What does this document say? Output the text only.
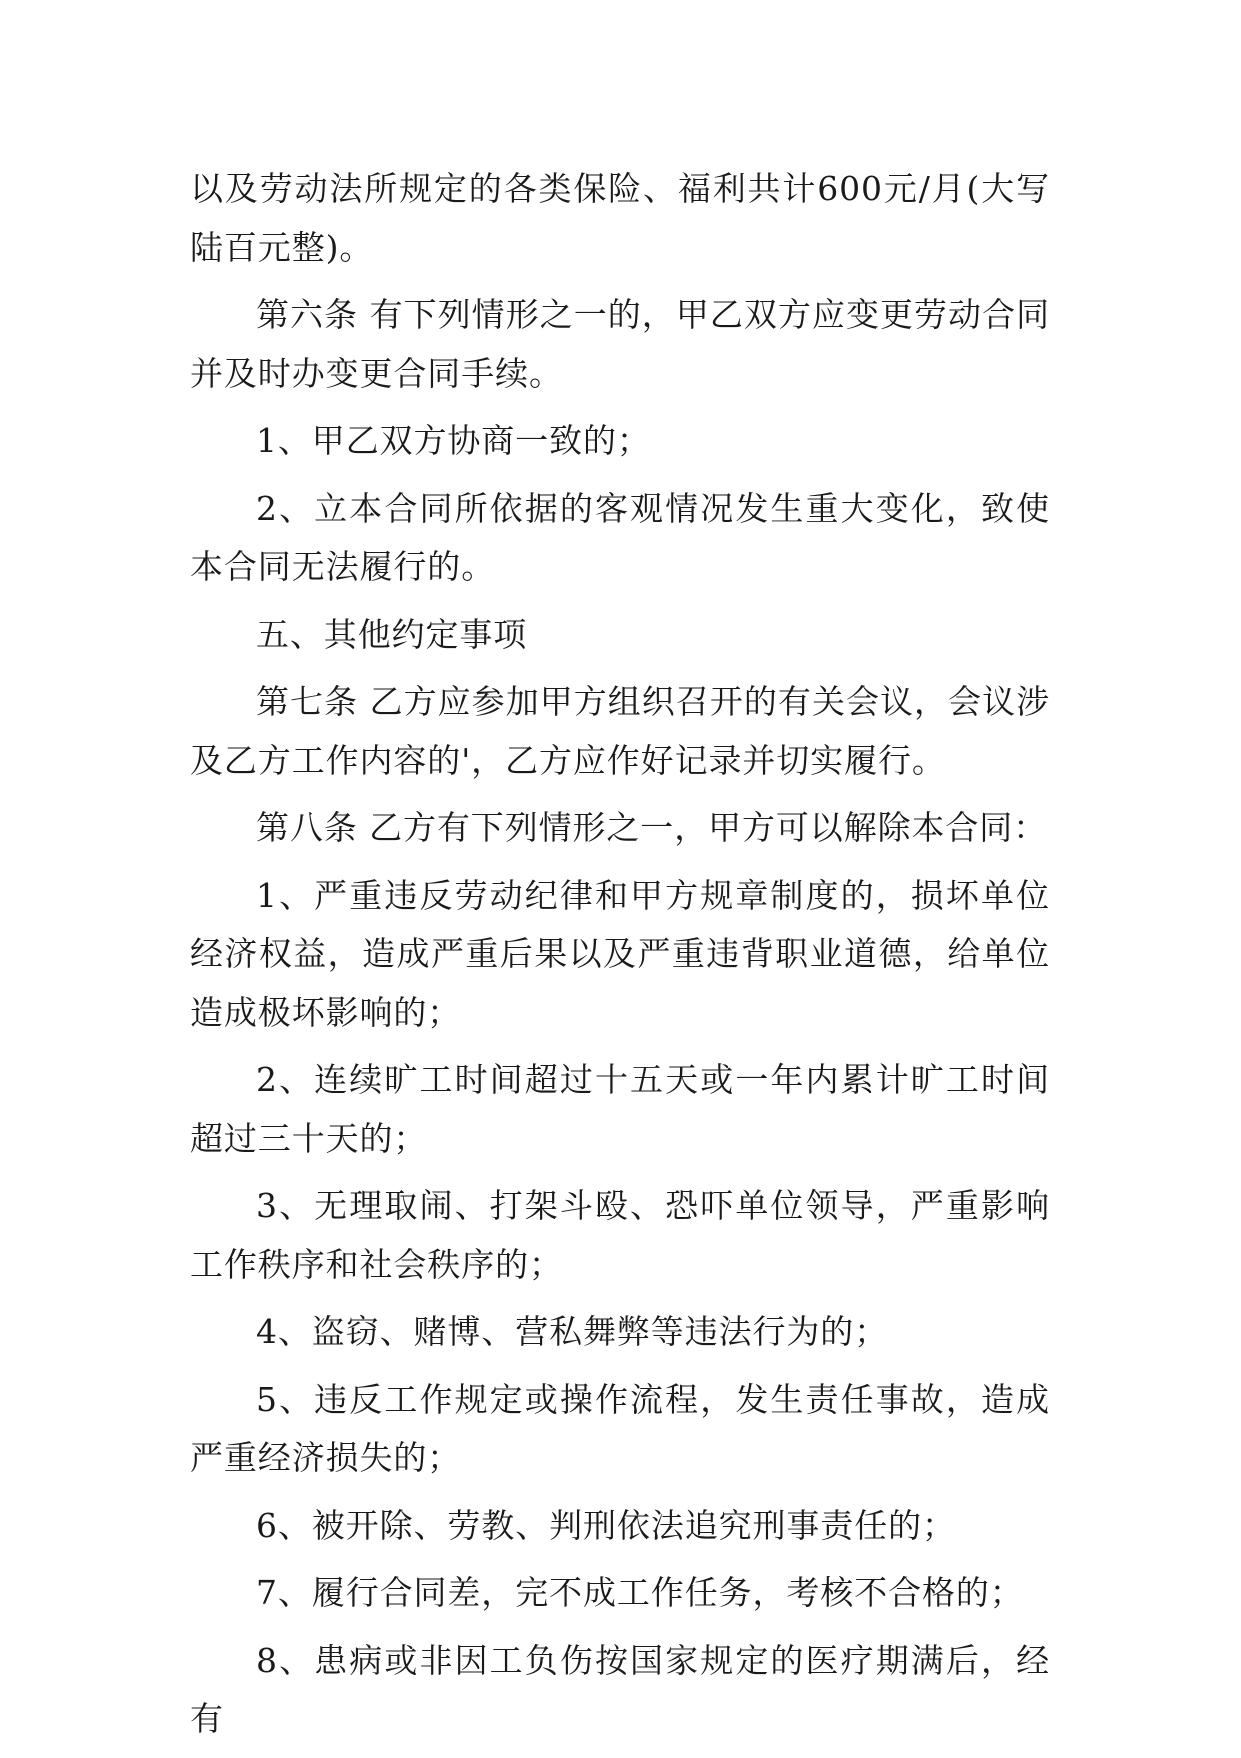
以及劳动法所规定的各类保险、福利共计600元/月(大写陆百元整)。

第六条 有下列情形之一的，甲乙双方应变更劳动合同并及时办变更合同手续。

1、甲乙双方协商一致的；

2、立本合同所依据的客观情况发生重大变化，致使本合同无法履行的。

五、其他约定事项

第七条 乙方应参加甲方组织召开的有关会议，会议涉及乙方工作内容的'，乙方应作好记录并切实履行。

第八条 乙方有下列情形之一，甲方可以解除本合同：

1、严重违反劳动纪律和甲方规章制度的，损坏单位经济权益，造成严重后果以及严重违背职业道德，给单位造成极坏影响的；

2、连续旷工时间超过十五天或一年内累计旷工时间超过三十天的；

3、无理取闹、打架斗殴、恐吓单位领导，严重影响工作秩序和社会秩序的；

4、盗窃、赌博、营私舞弊等违法行为的；

5、违反工作规定或操作流程，发生责任事故，造成严重经济损失的；

6、被开除、劳教、判刑依法追究刑事责任的；

7、履行合同差，完不成工作任务，考核不合格的；

8、患病或非因工负伤按国家规定的医疗期满后，经有
